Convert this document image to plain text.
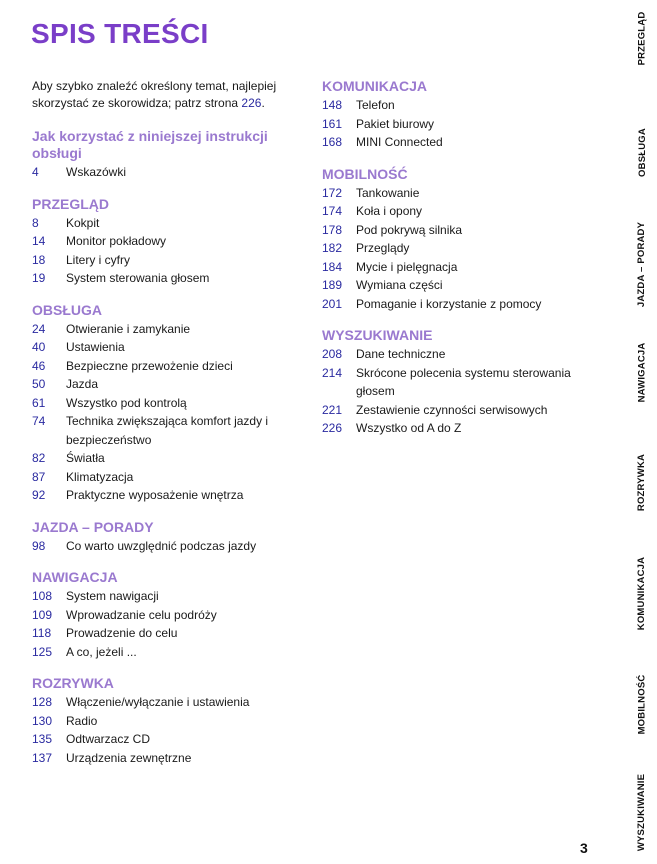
SPIS TREŚCI

Aby szybko znaleźć określony temat, najlepiej skorzystać ze skorowidza; patrz strona 226.

Jak korzystać z niniejszej instrukcji obsługi
4	Wskazówki
PRZEGLĄD
8	Kokpit
14	Monitor pokładowy
18	Litery i cyfry
19	System sterowania głosem
OBSŁUGA
24	Otwieranie i zamykanie
40	Ustawienia
46	Bezpieczne przewożenie dzieci
50	Jazda
61	Wszystko pod kontrolą
74	Technika zwiększająca komfort jazdy i bezpieczeństwo
82	Światła
87	Klimatyzacja
92	Praktyczne wyposażenie wnętrza
JAZDA – PORADY
98	Co warto uwzględnić podczas jazdy
NAWIGACJA
108	System nawigacji
109	Wprowadzanie celu podróży
118	Prowadzenie do celu
125	A co, jeżeli ...
ROZRYWKA
128	Włączenie/wyłączanie i ustawienia
130	Radio
135	Odtwarzacz CD
137	Urządzenia zewnętrzne
KOMUNIKACJA
148	Telefon
161	Pakiet biurowy
168	MINI Connected
MOBILNOŚĆ
172	Tankowanie
174	Koła i opony
178	Pod pokrywą silnika
182	Przeglądy
184	Mycie i pielęgnacja
189	Wymiana części
201	Pomaganie i korzystanie z pomocy
WYSZUKIWANIE
208	Dane techniczne
214	Skrócone polecenia systemu sterowania głosem
221	Zestawienie czynności serwisowych
226	Wszystko od A do Z
PRZEGLĄD
OBSŁUGA
JAZDA – PORADY
NAWIGACJA
ROZRYWKA
KOMUNIKACJA
MOBILNOŚĆ
WYSZUKIWANIE
3
